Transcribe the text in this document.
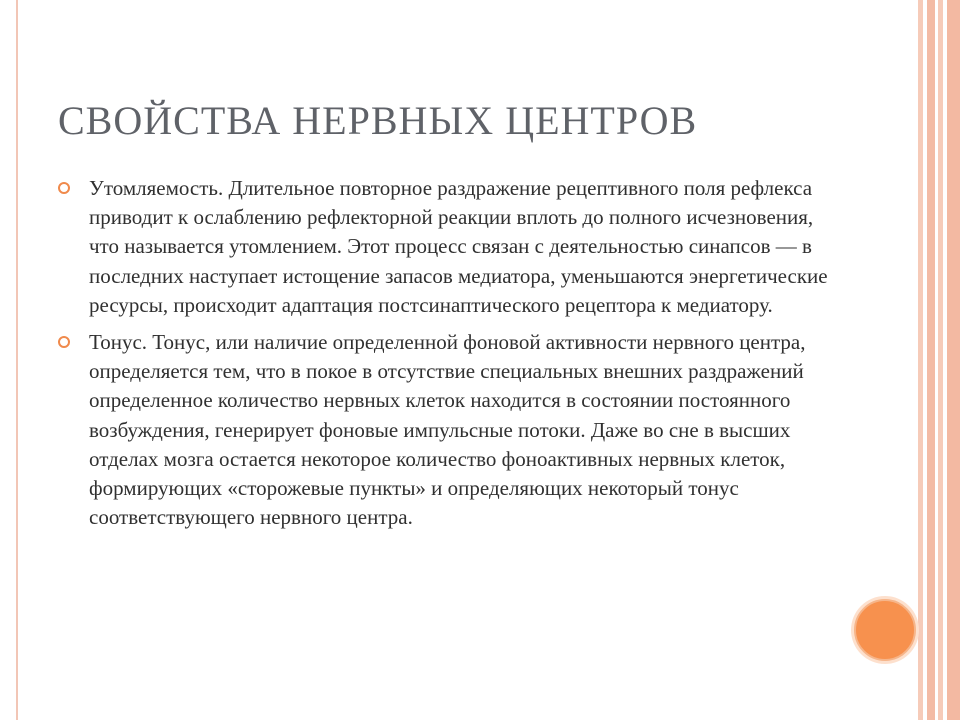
СВОЙСТВА НЕРВНЫХ ЦЕНТРОВ
Утомляемость. Длительное повторное раздражение рецептивного поля рефлекса приводит к ослаблению рефлекторной реакции вплоть до полного исчезновения, что называется утомлением. Этот процесс связан с деятельностью синапсов — в последних наступает истощение запасов медиатора, уменьшаются энергетические ресурсы, происходит адаптация постсинаптического рецептора к медиатору.
Тонус. Тонус, или наличие определенной фоновой активности нервного центра, определяется тем, что в покое в отсутствие специальных внешних раздражений определенное количество нервных клеток находится в состоянии постоянного возбуждения, генерирует фоновые импульсные потоки. Даже во сне в высших отделах мозга остается некоторое количество фоноактивных нервных клеток, формирующих «сторожевые пункты» и определяющих некоторый тонус соответствующего нервного центра.
